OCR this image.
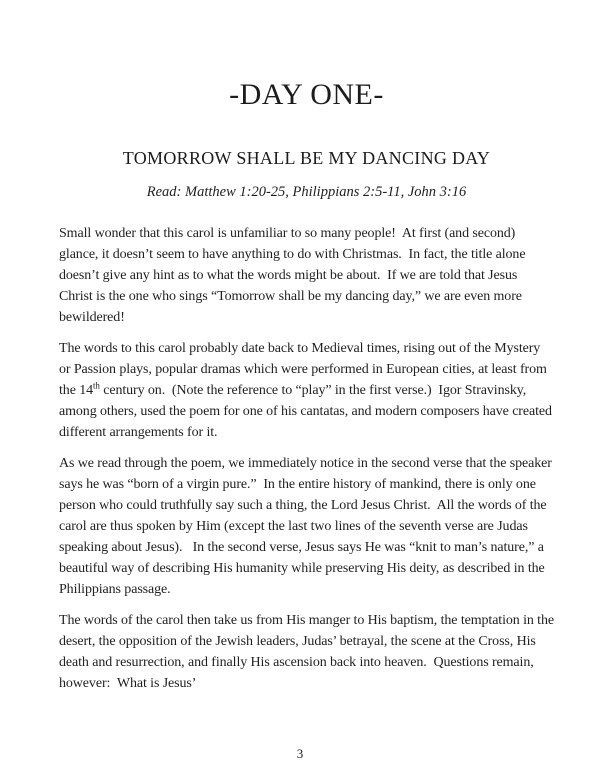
-DAY ONE-
TOMORROW SHALL BE MY DANCING DAY

Read: Matthew 1:20-25, Philippians 2:5-11, John 3:16

Small wonder that this carol is unfamiliar to so many people!  At first (and second) glance, it doesn’t seem to have anything to do with Christmas.  In fact, the title alone doesn’t give any hint as to what the words might be about.  If we are told that Jesus Christ is the one who sings “Tomorrow shall be my dancing day,” we are even more bewildered!

The words to this carol probably date back to Medieval times, rising out of the Mystery or Passion plays, popular dramas which were performed in European cities, at least from the 14th century on.  (Note the reference to “play” in the first verse.)  Igor Stravinsky, among others, used the poem for one of his cantatas, and modern composers have created different arrangements for it.

As we read through the poem, we immediately notice in the second verse that the speaker says he was “born of a virgin pure.”  In the entire history of mankind, there is only one person who could truthfully say such a thing, the Lord Jesus Christ.  All the words of the carol are thus spoken by Him (except the last two lines of the seventh verse are Judas speaking about Jesus).   In the second verse, Jesus says He was “knit to man’s nature,” a beautiful way of describing His humanity while preserving His deity, as described in the Philippians passage.

The words of the carol then take us from His manger to His baptism, the temptation in the desert, the opposition of the Jewish leaders, Judas’ betrayal, the scene at the Cross, His death and resurrection, and finally His ascension back into heaven.  Questions remain, however:  What is Jesus’

3
